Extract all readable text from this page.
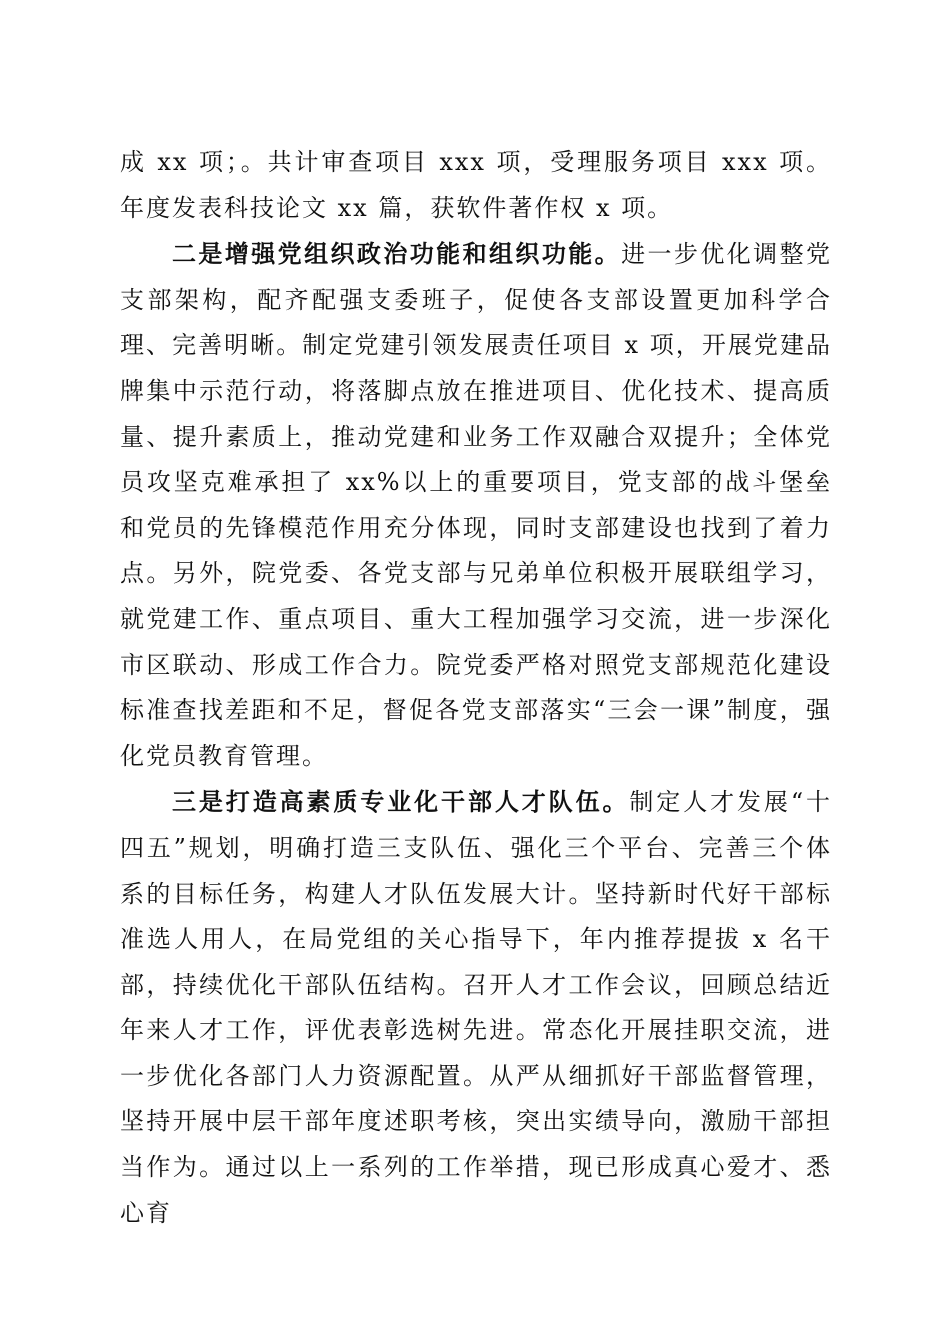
成 xx 项；。共计审查项目 xxx 项，受理服务项目 xxx 项。年度发表科技论文 xx 篇，获软件著作权 x 项。

二是增强党组织政治功能和组织功能。进一步优化调整党支部架构，配齐配强支委班子，促使各支部设置更加科学合理、完善明晰。制定党建引领发展责任项目 x 项，开展党建品牌集中示范行动，将落脚点放在推进项目、优化技术、提高质量、提升素质上，推动党建和业务工作双融合双提升；全体党员攻坚克难承担了 xx%以上的重要项目，党支部的战斗堡垒和党员的先锋模范作用充分体现，同时支部建设也找到了着力点。另外，院党委、各党支部与兄弟单位积极开展联组学习，就党建工作、重点项目、重大工程加强学习交流，进一步深化市区联动、形成工作合力。院党委严格对照党支部规范化建设标准查找差距和不足，督促各党支部落实“三会一课”制度，强化党员教育管理。

三是打造高素质专业化干部人才队伍。制定人才发展“十四五”规划，明确打造三支队伍、强化三个平台、完善三个体系的目标任务，构建人才队伍发展大计。坚持新时代好干部标准选人用人，在局党组的关心指导下，年内推荐提拔 x 名干部，持续优化干部队伍结构。召开人才工作会议，回顾总结近年来人才工作，评优表彰选树先进。常态化开展挂职交流，进一步优化各部门人力资源配置。从严从细抓好干部监督管理，坚持开展中层干部年度述职考核，突出实绩导向，激励干部担当作为。通过以上一系列的工作举措，现已形成真心爱才、悉心育
